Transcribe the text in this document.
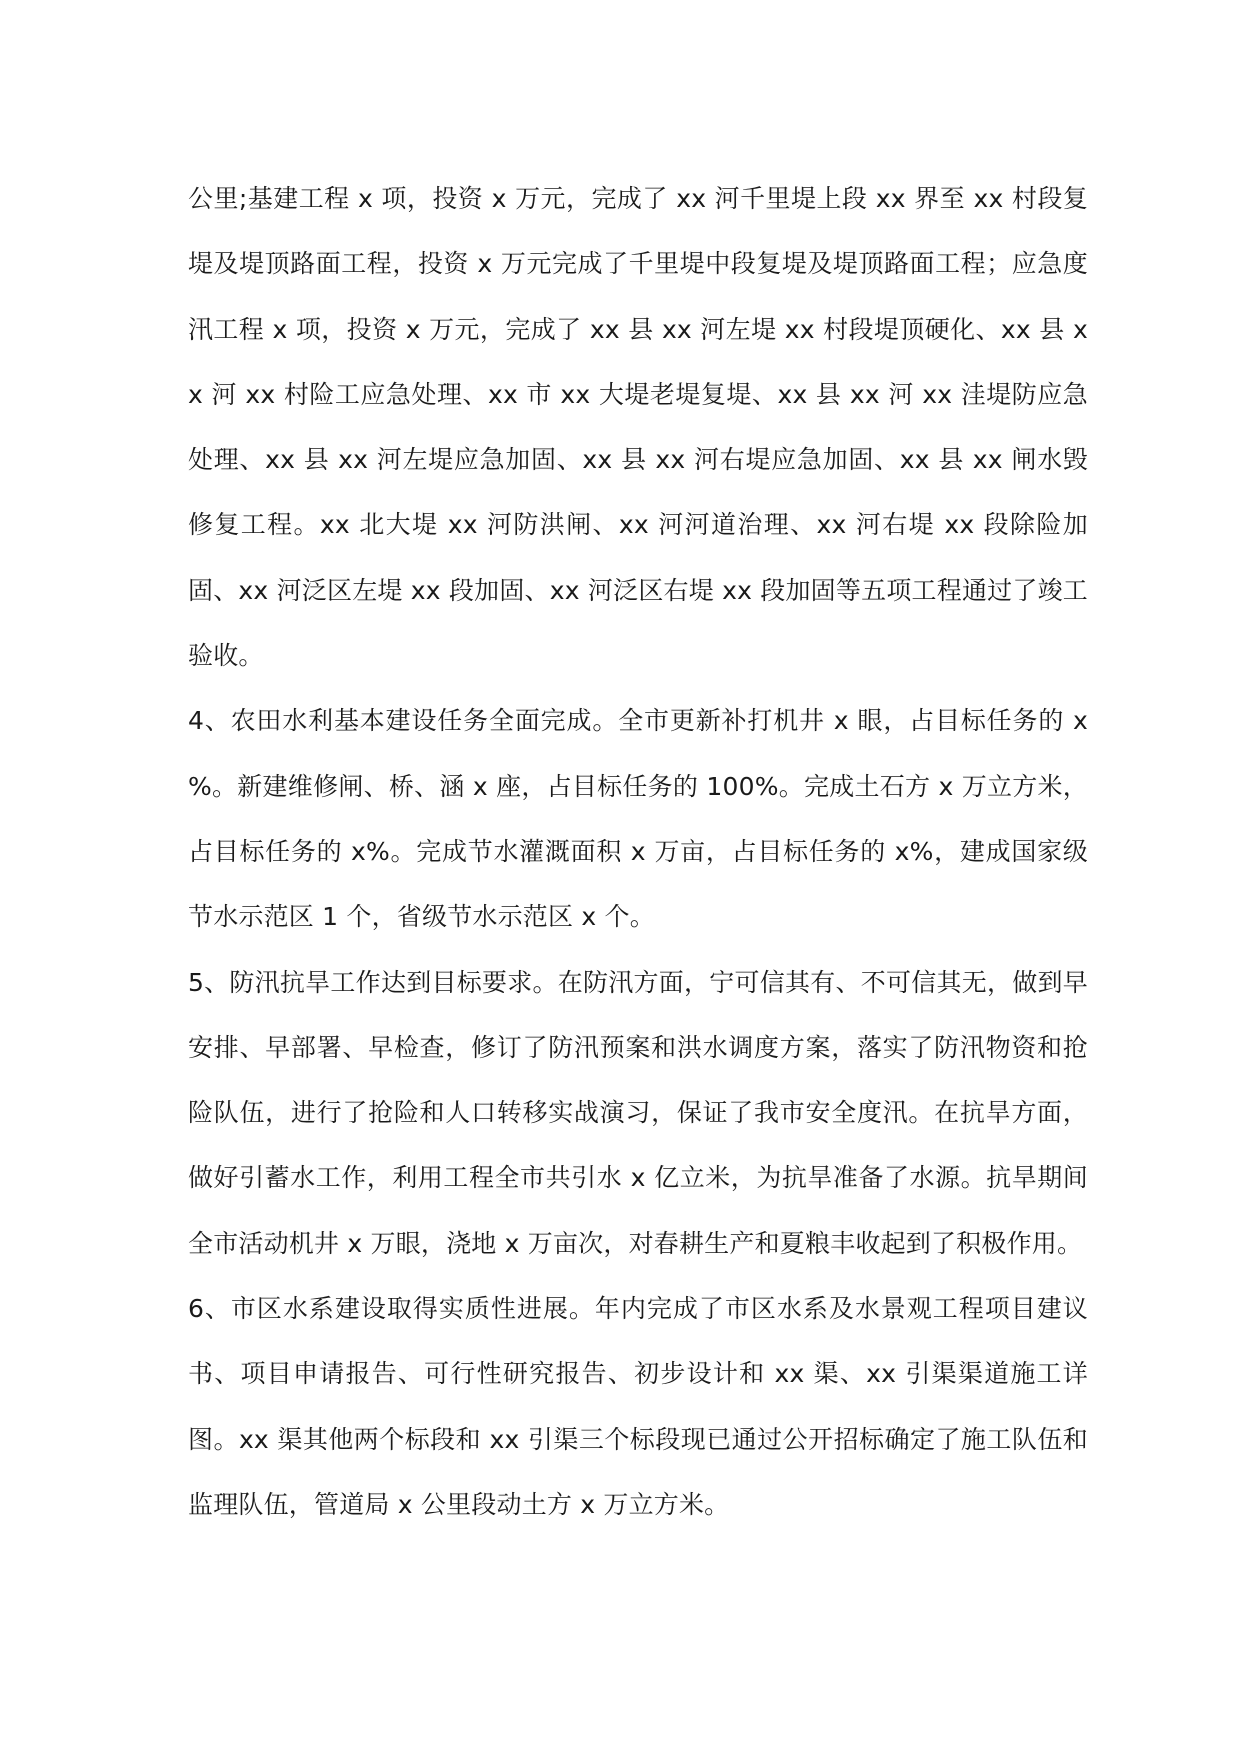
公里;基建工程 x 项，投资 x 万元，完成了 xx 河千里堤上段 xx 界至 xx 村段复堤及堤顶路面工程，投资 x 万元完成了千里堤中段复堤及堤顶路面工程；应急度汛工程 x 项，投资 x 万元，完成了 xx 县 xx 河左堤 xx 村段堤顶硬化、xx 县 xx 河 xx 村险工应急处理、xx 市 xx 大堤老堤复堤、xx 县 xx 河 xx 洼堤防应急处理、xx 县 xx 河左堤应急加固、xx 县 xx 河右堤应急加固、xx 县 xx 闸水毁修复工程。xx 北大堤 xx 河防洪闸、xx 河河道治理、xx 河右堤 xx 段除险加固、xx 河泛区左堤 xx 段加固、xx 河泛区右堤 xx 段加固等五项工程通过了竣工验收。

4、农田水利基本建设任务全面完成。全市更新补打机井 x 眼，占目标任务的 x %。新建维修闸、桥、涵 x 座，占目标任务的 100%。完成土石方 x 万立方米，占目标任务的 x%。完成节水灌溉面积 x 万亩，占目标任务的 x%，建成国家级节水示范区 1 个，省级节水示范区 x 个。

5、防汛抗旱工作达到目标要求。在防汛方面，宁可信其有、不可信其无，做到早安排、早部署、早检查，修订了防汛预案和洪水调度方案，落实了防汛物资和抢险队伍，进行了抢险和人口转移实战演习，保证了我市安全度汛。在抗旱方面，做好引蓄水工作，利用工程全市共引水 x 亿立米，为抗旱准备了水源。抗旱期间全市活动机井 x 万眼，浇地 x 万亩次，对春耕生产和夏粮丰收起到了积极作用。

6、市区水系建设取得实质性进展。年内完成了市区水系及水景观工程项目建议书、项目申请报告、可行性研究报告、初步设计和 xx 渠、xx 引渠渠道施工详图。xx 渠其他两个标段和 xx 引渠三个标段现已通过公开招标确定了施工队伍和监理队伍，管道局 x 公里段动土方 x 万立方米。
